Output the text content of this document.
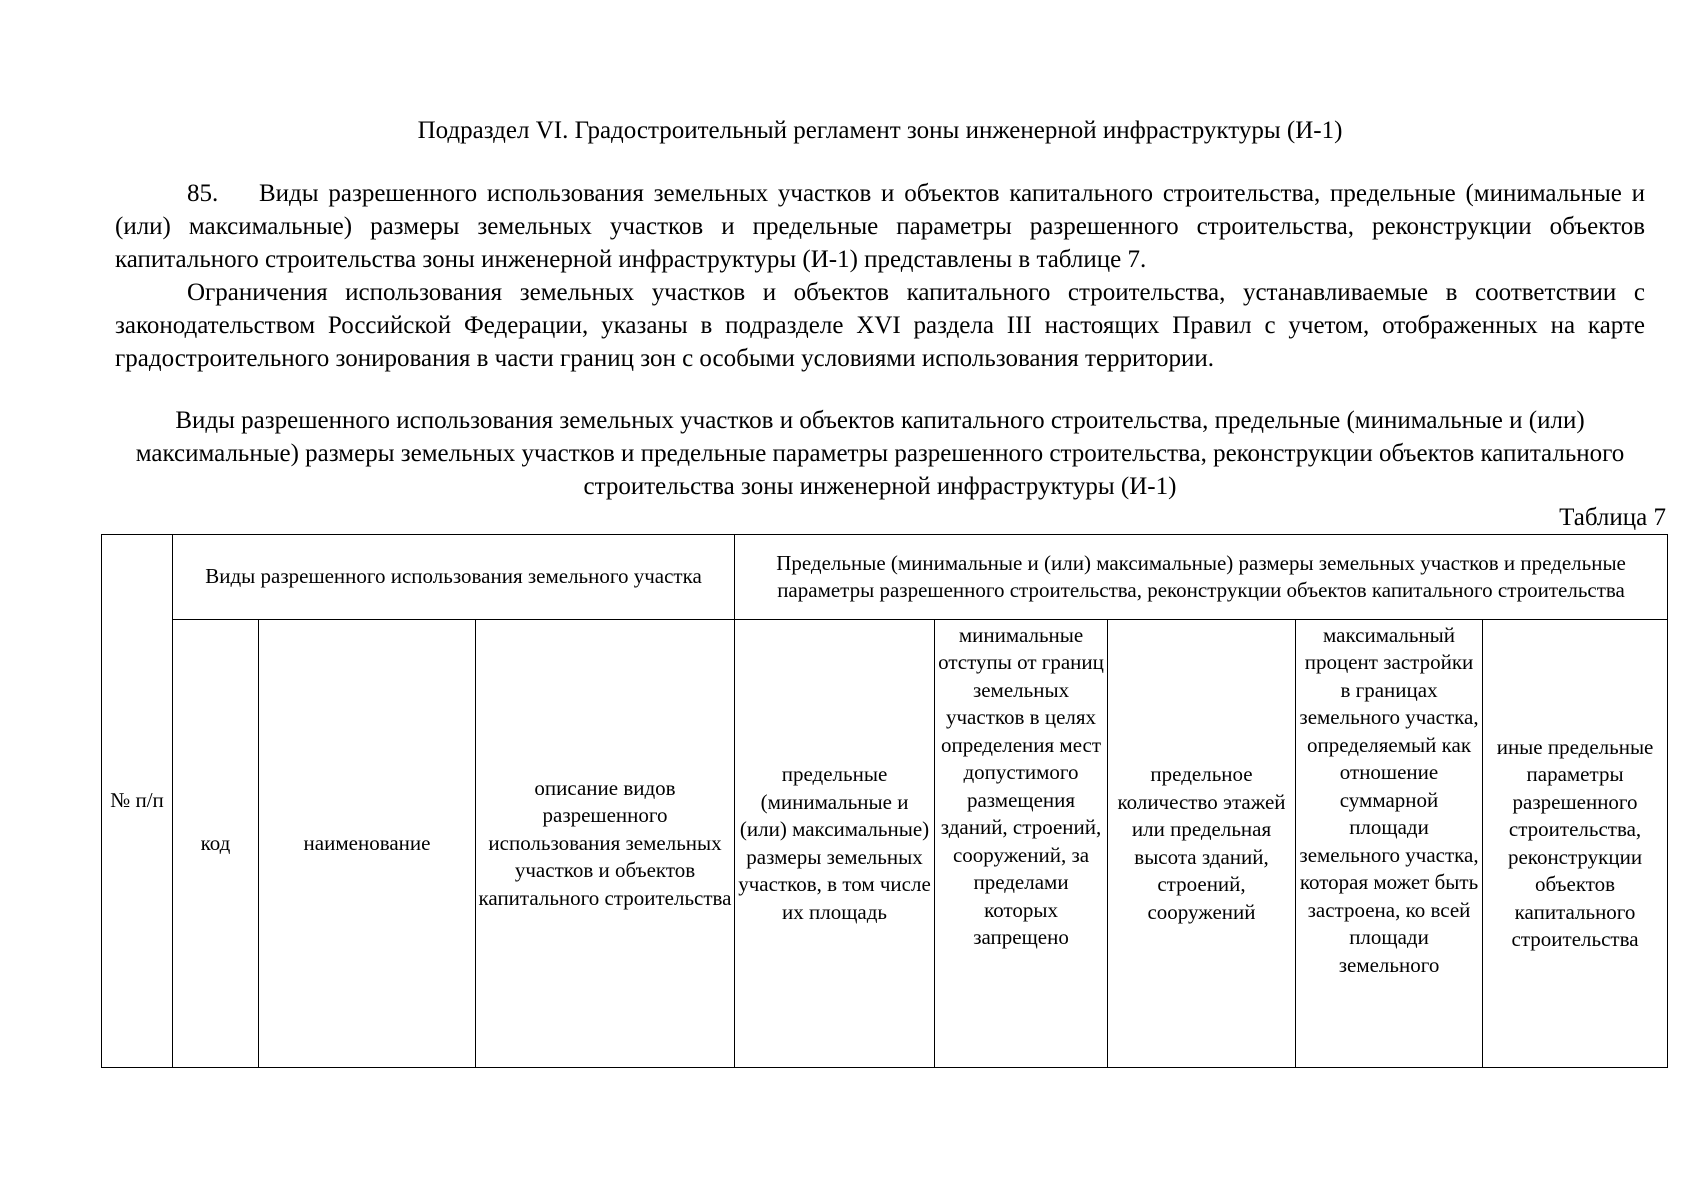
Подраздел VI. Градостроительный регламент зоны инженерной инфраструктуры (И-1)

85. Виды разрешенного использования земельных участков и объектов капитального строительства, предельные (минимальные и (или) максимальные) размеры земельных участков и предельные параметры разрешенного строительства, реконструкции объектов капитального строительства зоны инженерной инфраструктуры (И-1) представлены в таблице 7.

Ограничения использования земельных участков и объектов капитального строительства, устанавливаемые в соответствии с законодательством Российской Федерации, указаны в подразделе XVI раздела III настоящих Правил с учетом, отображенных на карте градостроительного зонирования в части границ зон с особыми условиями использования территории.

Виды разрешенного использования земельных участков и объектов капитального строительства, предельные (минимальные и (или) максимальные) размеры земельных участков и предельные параметры разрешенного строительства, реконструкции объектов капитального строительства зоны инженерной инфраструктуры (И-1)

Таблица 7
№ п/п	Виды разрешенного использования земельного участка			Предельные (минимальные и (или) максимальные) размеры земельных участков и предельные параметры разрешенного строительства, реконструкции объектов капитального строительства				
	код	наименование	описание видов разрешенного использования земельных участков и объектов капитального строительства	предельные (минимальные и (или) максимальные) размеры земельных участков, в том числе их площадь	минимальные отступы от границ земельных участков в целях определения мест допустимого размещения зданий, строений, сооружений, за пределами которых запрещено	предельное количество этажей или предельная высота зданий, строений, сооружений	максимальный процент застройки в границах земельного участка, определяемый как отношение суммарной площади земельного участка, которая может быть застроена, ко всей площади земельного	иные предельные параметры разрешенного строительства, реконструкции объектов капитального строительства
